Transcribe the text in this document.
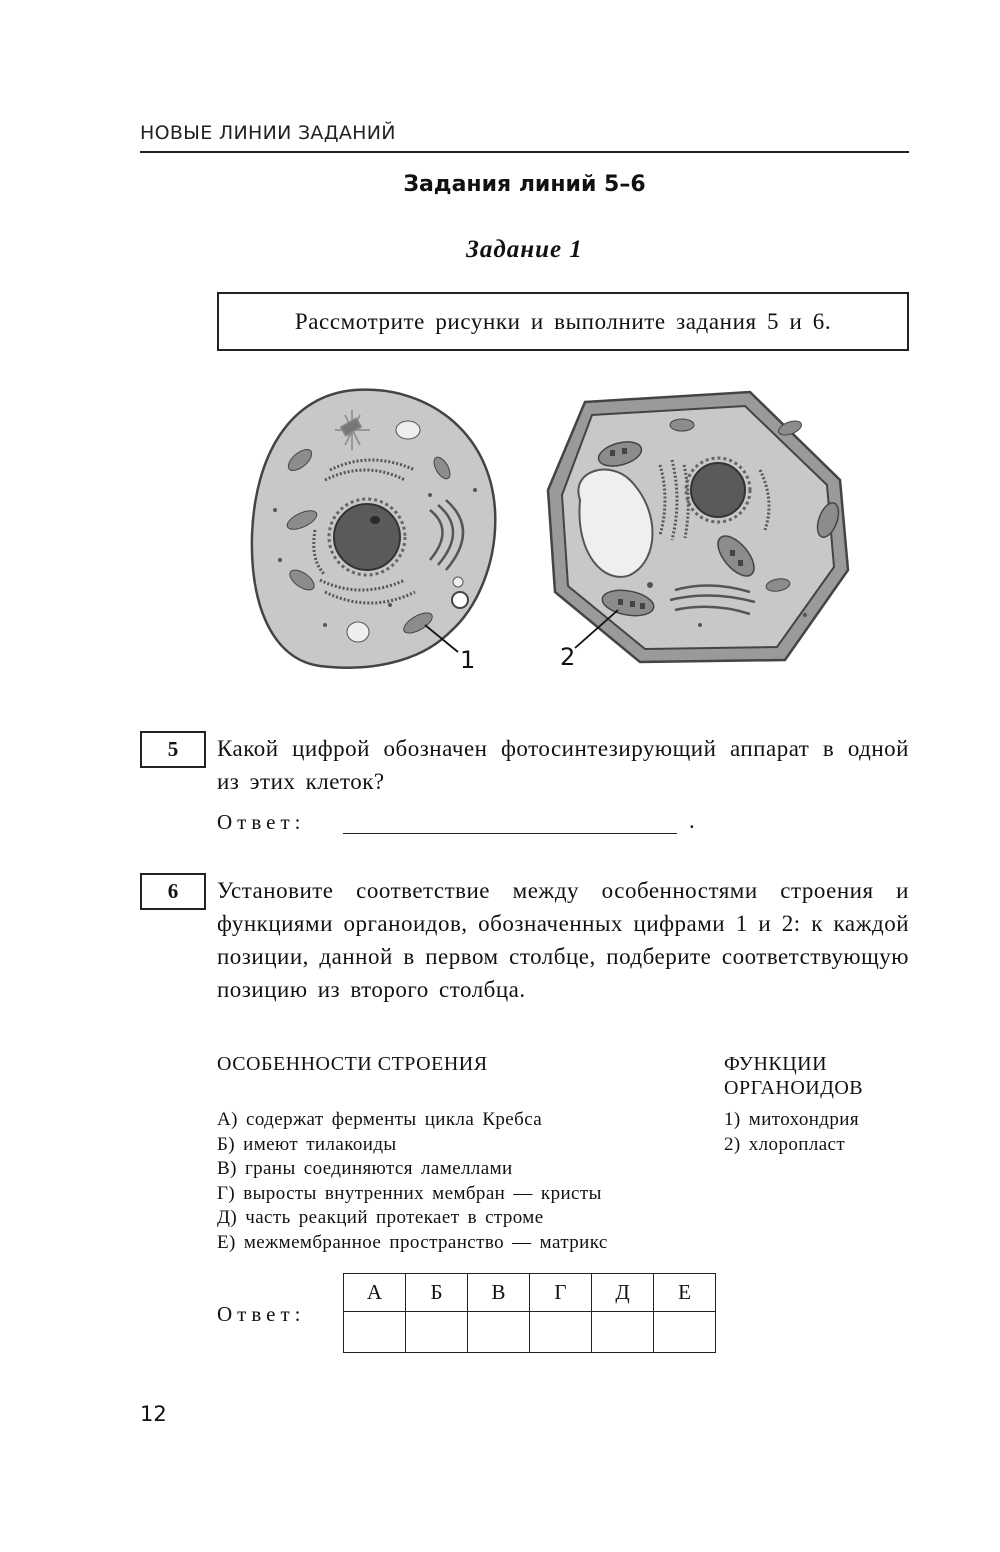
НОВЫЕ ЛИНИИ ЗАДАНИЙ
Задания линий 5–6
Задание 1
Рассмотрите рисунки и выполните задания 5 и 6.
1	2
5 Какой цифрой обозначен фотосинтезирующий аппарат в одной из этих клеток?
Ответ:	.
6 Установите соответствие между особенностями строения и функциями органоидов, обозначенных цифрами 1 и 2: к каждой позиции, данной в первом столбце, подберите соответствующую позицию из второго столбца.
ОСОБЕННОСТИ СТРОЕНИЯ	ФУНКЦИИ
ОРГАНОИДОВ
А) содержат ферменты цикла Кребса
Б) имеют тилакоиды
В) граны соединяются ламеллами
Г) выросты внутренних мембран — кристы
Д) часть реакций протекает в строме
Е) межмембранное пространство — матрикс
1) митохондрия
2) хлоропласт
Ответ:
А	Б	В	Г	Д	Е

12
